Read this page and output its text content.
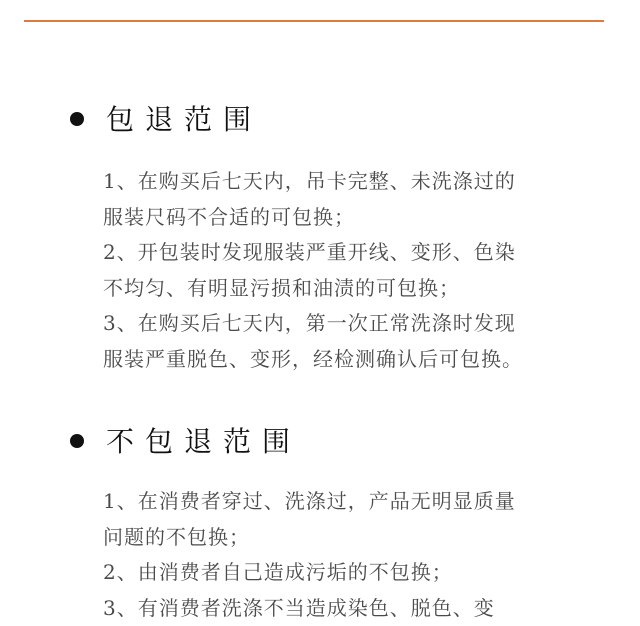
包退范围
1、在购买后七天内，吊卡完整、未洗涤过的
服装尺码不合适的可包换；
2、开包装时发现服装严重开线、变形、色染
不均匀、有明显污损和油渍的可包换；
3、在购买后七天内，第一次正常洗涤时发现
服装严重脱色、变形，经检测确认后可包换。
不包退范围
1、在消费者穿过、洗涤过，产品无明显质量
问题的不包换；
2、由消费者自己造成污垢的不包换；
3、有消费者洗涤不当造成染色、脱色、变
